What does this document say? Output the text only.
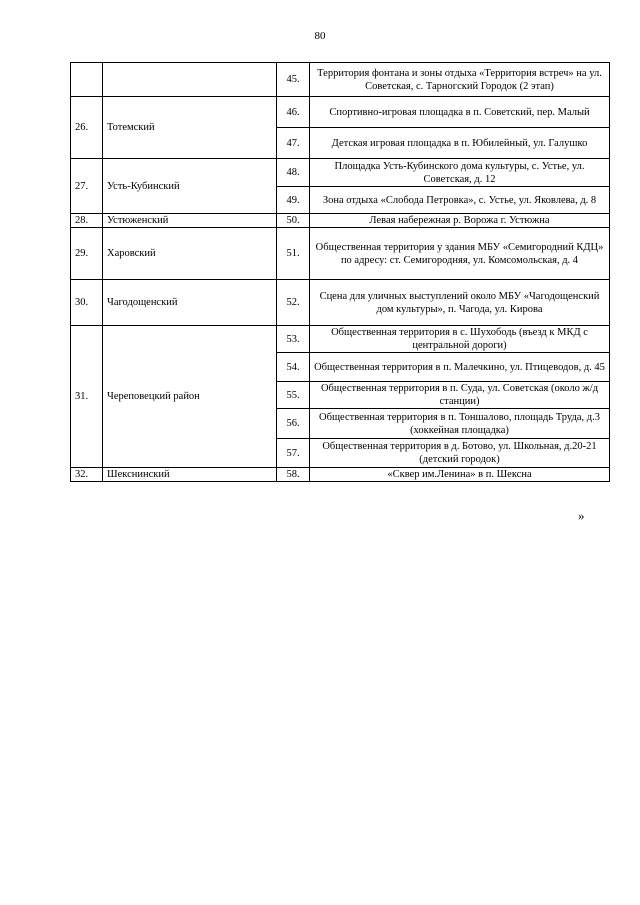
80
		45.	Территория фонтана и зоны отдыха «Территория встреч» на ул. Советская, с. Тарногский Городок (2 этап)
26.	Тотемский	46.	Спортивно-игровая площадка в п. Советский, пер. Малый
		47.	Детская игровая площадка в п. Юбилейный, ул. Галушко
27.	Усть-Кубинский	48.	Площадка Усть-Кубинского дома культуры, с. Устье, ул. Советская, д. 12
		49.	Зона отдыха «Слобода Петровка», с. Устье, ул. Яковлева, д. 8
28.	Устюженский	50.	Левая набережная р. Ворожа г. Устюжна
29.	Харовский	51.	Общественная территория у здания МБУ «Семигородний КДЦ» по адресу: ст. Семигородняя, ул. Комсомольская, д. 4
30.	Чагодощенский	52.	Сцена для уличных выступлений около МБУ «Чагодощенский дом культуры», п. Чагода, ул. Кирова
31.	Череповецкий район	53.	Общественная территория в с. Шухободь (въезд к МКД с центральной дороги)
		54.	Общественная территория в п. Малечкино, ул. Птицеводов, д. 45
		55.	Общественная территория в п. Суда, ул. Советская (около ж/д станции)
		56.	Общественная территория в п. Тоншалово, площадь Труда, д.3 (хоккейная площадка)
		57.	Общественная территория в д. Ботово, ул. Школьная, д.20-21 (детский городок)
32.	Шекснинский	58.	«Сквер им.Ленина» в п. Шексна
»
